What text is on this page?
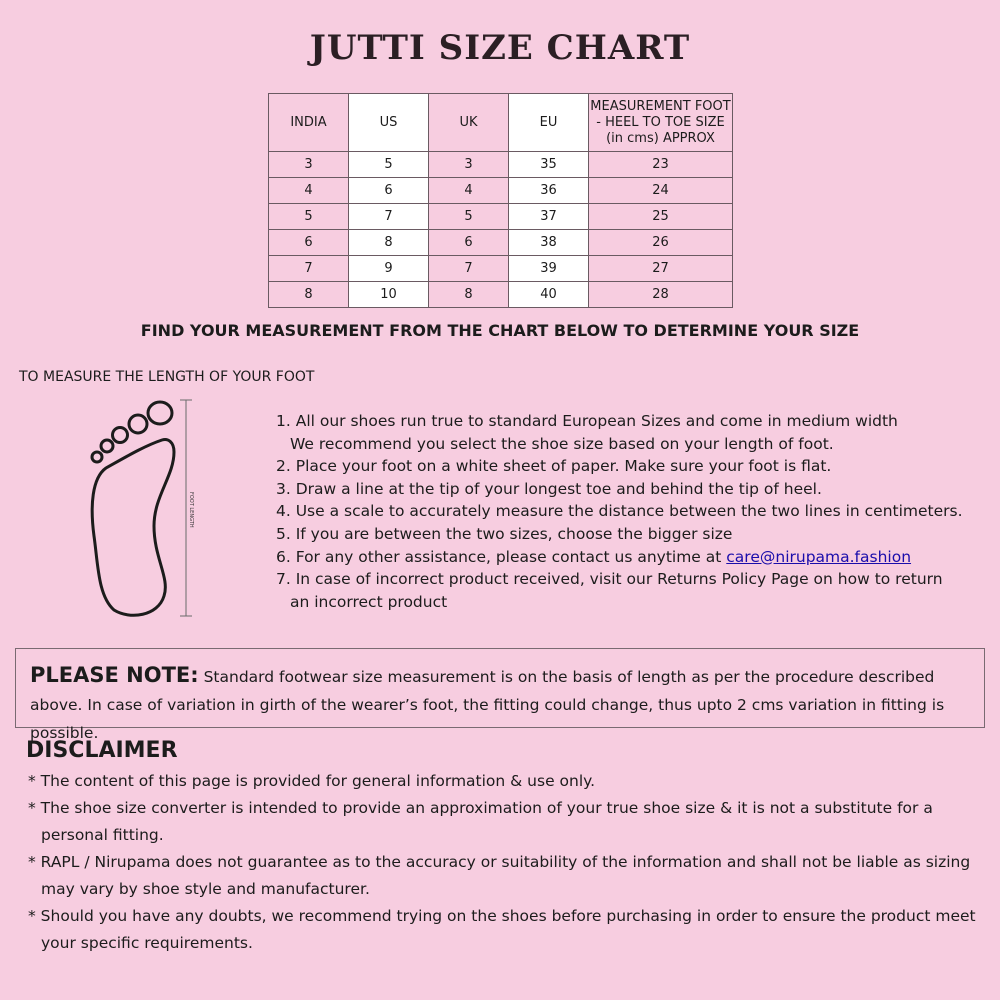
JUTTI SIZE CHART
INDIA	US	UK	EU	MEASUREMENT FOOT - HEEL TO TOE SIZE (in cms) APPROX
3	5	3	35	23
4	6	4	36	24
5	7	5	37	25
6	8	6	38	26
7	9	7	39	27
8	10	8	40	28
FIND YOUR MEASUREMENT FROM THE CHART BELOW TO DETERMINE YOUR SIZE
TO MEASURE THE LENGTH OF YOUR FOOT
FOOT LENGTH
1. All our shoes run true to standard European Sizes and come in medium width
We recommend you select the shoe size based on your length of foot.
2. Place your foot on a white sheet of paper. Make sure your foot is flat.
3. Draw a line at the tip of your longest toe and behind the tip of heel.
4. Use a scale to accurately measure the distance between the two lines in centimeters.
5. If you are between the two sizes, choose the bigger size
6. For any other assistance, please contact us anytime at care@nirupama.fashion
7. In case of incorrect product received, visit our Returns Policy Page on how to return
an incorrect product
PLEASE NOTE: Standard footwear size measurement is on the basis of length as per the procedure described above. In case of variation in girth of the wearer’s foot, the fitting could change, thus upto 2 cms variation in fitting is possible.
DISCLAIMER
* The content of this page is provided for general information & use only.
* The shoe size converter is intended to provide an approximation of your true shoe size & it is not a substitute for a personal fitting.
* RAPL / Nirupama does not guarantee as to the accuracy or suitability of the information and shall not be liable as sizing may vary by shoe style and manufacturer.
* Should you have any doubts, we recommend trying on the shoes before purchasing in order to ensure the product meet your specific requirements.
